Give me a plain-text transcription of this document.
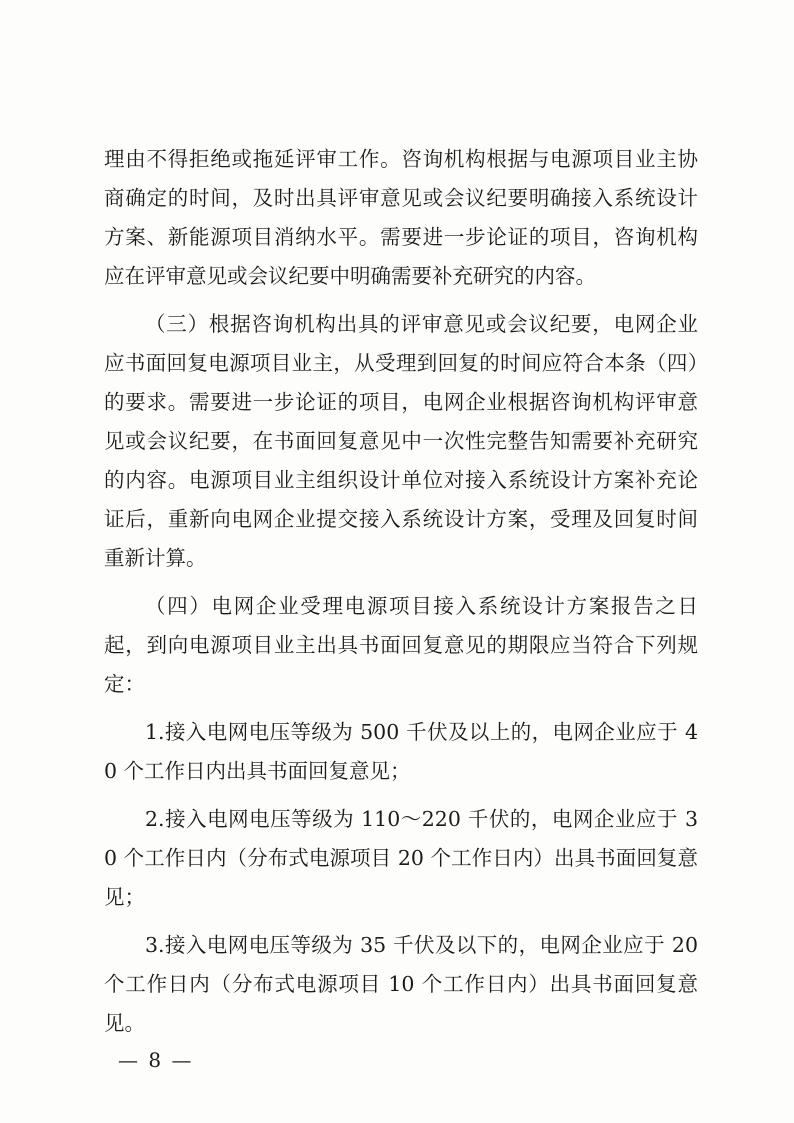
理由不得拒绝或拖延评审工作。咨询机构根据与电源项目业主协商确定的时间，及时出具评审意见或会议纪要明确接入系统设计方案、新能源项目消纳水平。需要进一步论证的项目，咨询机构应在评审意见或会议纪要中明确需要补充研究的内容。

（三）根据咨询机构出具的评审意见或会议纪要，电网企业应书面回复电源项目业主，从受理到回复的时间应符合本条（四）的要求。需要进一步论证的项目，电网企业根据咨询机构评审意见或会议纪要，在书面回复意见中一次性完整告知需要补充研究的内容。电源项目业主组织设计单位对接入系统设计方案补充论证后，重新向电网企业提交接入系统设计方案，受理及回复时间重新计算。

（四）电网企业受理电源项目接入系统设计方案报告之日起，到向电源项目业主出具书面回复意见的期限应当符合下列规定：

1.接入电网电压等级为 500 千伏及以上的，电网企业应于 40 个工作日内出具书面回复意见；

2.接入电网电压等级为 110～220 千伏的，电网企业应于 30 个工作日内（分布式电源项目 20 个工作日内）出具书面回复意见；

3.接入电网电压等级为 35 千伏及以下的，电网企业应于 20 个工作日内（分布式电源项目 10 个工作日内）出具书面回复意见。

— 8 —
